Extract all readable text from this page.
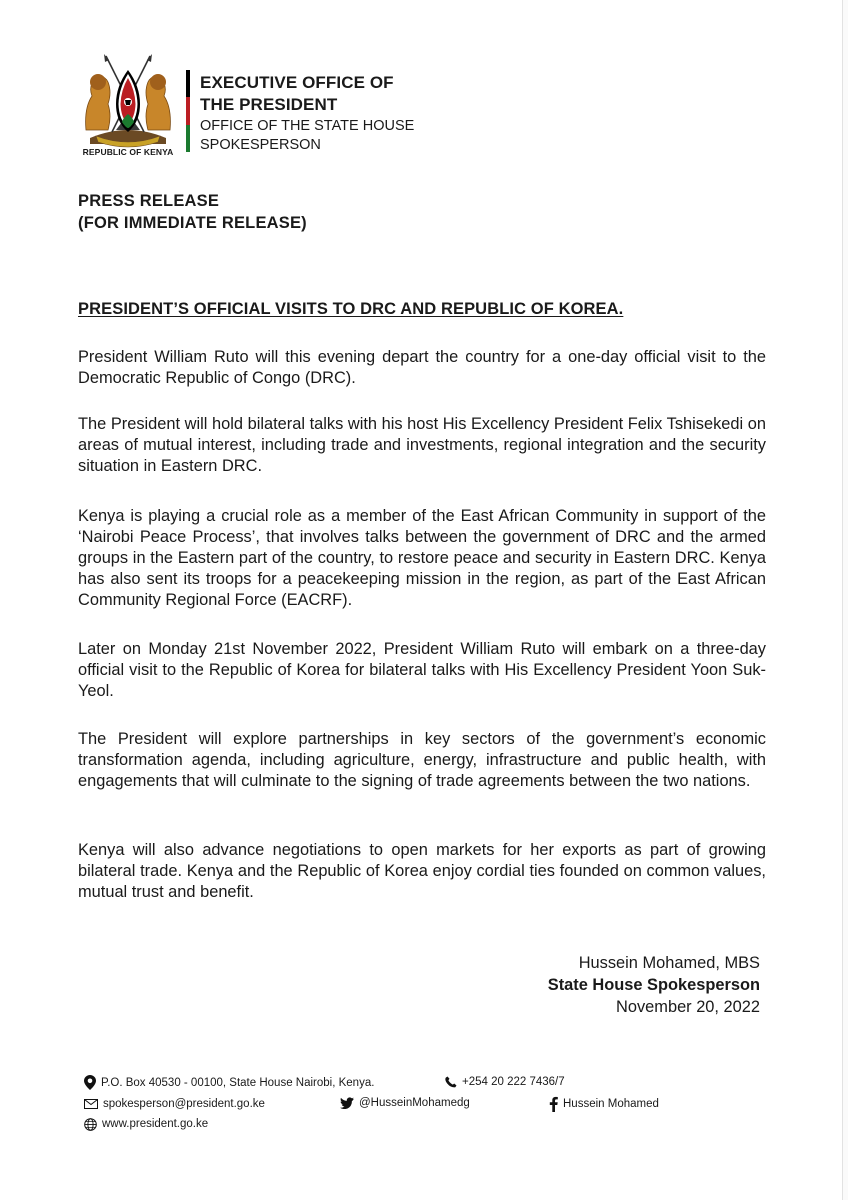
REPUBLIC OF KENYA
EXECUTIVE OFFICE OF
THE PRESIDENT
OFFICE OF THE STATE HOUSE
SPOKESPERSON
PRESS RELEASE
(FOR IMMEDIATE RELEASE)
PRESIDENT’S OFFICIAL VISITS TO DRC AND REPUBLIC OF KOREA.
President William Ruto will this evening depart the country for a one-day official visit to the Democratic Republic of Congo (DRC).
The President will hold bilateral talks with his host His Excellency President Felix Tshisekedi on areas of mutual interest, including trade and investments, regional integration and the security situation in Eastern DRC.
Kenya is playing a crucial role as a member of the East African Community in support of the ‘Nairobi Peace Process’, that involves talks between the government of DRC and the armed groups in the Eastern part of the country, to restore peace and security in Eastern DRC. Kenya has also sent its troops for a peacekeeping mission in the region, as part of the East African Community Regional Force (EACRF).
Later on Monday 21st November 2022, President William Ruto will embark on a three-day official visit to the Republic of Korea for bilateral talks with His Excellency President Yoon Suk-Yeol.
The President will explore partnerships in key sectors of the government’s economic transformation agenda, including agriculture, energy, infrastructure and public health, with engagements that will culminate to the signing of trade agreements between the two nations.
Kenya will also advance negotiations to open markets for her exports as part of growing bilateral trade. Kenya and the Republic of Korea enjoy cordial ties founded on common values, mutual trust and benefit.
Hussein Mohamed, MBS
State House Spokesperson
November 20, 2022
P.O. Box 40530 - 00100, State House Nairobi, Kenya.	+254 20 222 7436/7
spokesperson@president.go.ke	@HusseinMohamedg	Hussein Mohamed
www.president.go.ke
